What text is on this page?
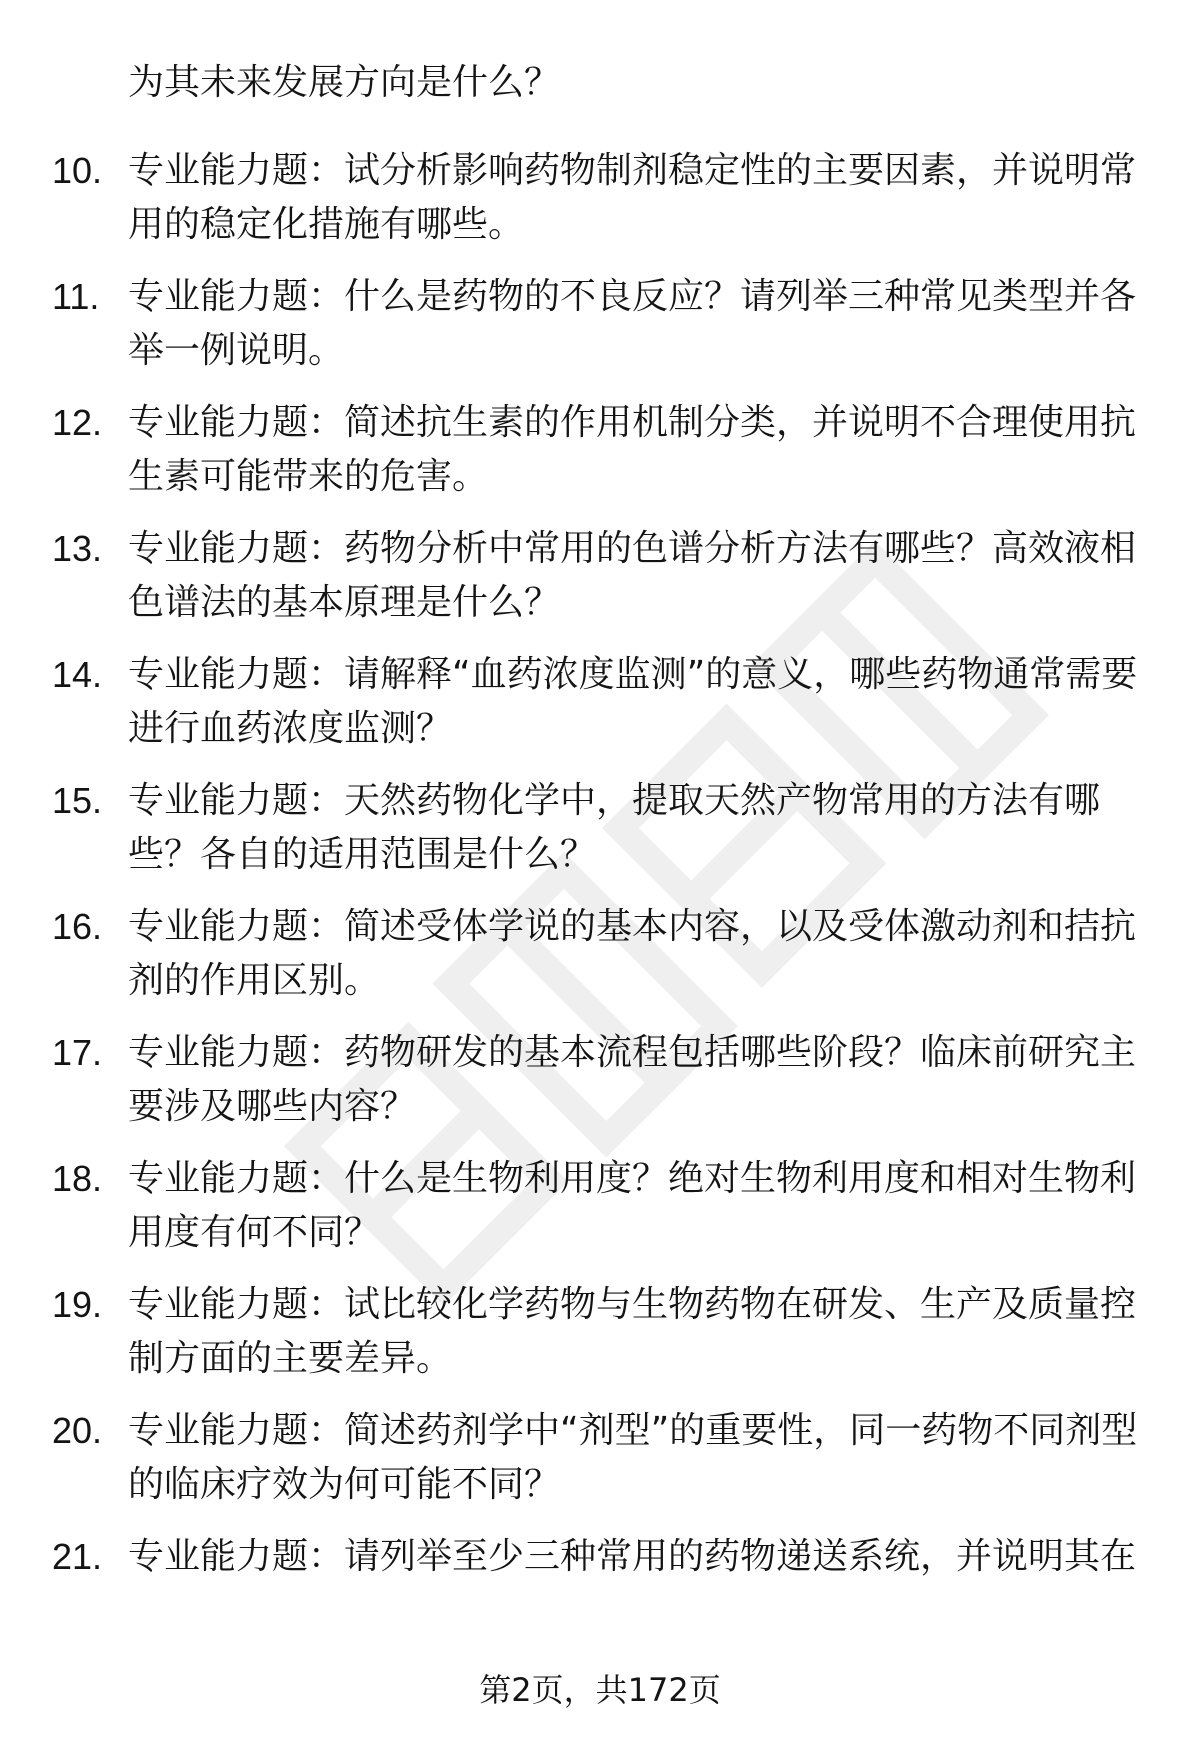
为其未来发展方向是什么？
10. 专业能力题：试分析影响药物制剂稳定性的主要因素，并说明常用的稳定化措施有哪些。
11. 专业能力题：什么是药物的不良反应？请列举三种常见类型并各举一例说明。
12. 专业能力题：简述抗生素的作用机制分类，并说明不合理使用抗生素可能带来的危害。
13. 专业能力题：药物分析中常用的色谱分析方法有哪些？高效液相色谱法的基本原理是什么？
14. 专业能力题：请解释“血药浓度监测”的意义，哪些药物通常需要进行血药浓度监测？
15. 专业能力题：天然药物化学中，提取天然产物常用的方法有哪些？各自的适用范围是什么？
16. 专业能力题：简述受体学说的基本内容，以及受体激动剂和拮抗剂的作用区别。
17. 专业能力题：药物研发的基本流程包括哪些阶段？临床前研究主要涉及哪些内容？
18. 专业能力题：什么是生物利用度？绝对生物利用度和相对生物利用度有何不同？
19. 专业能力题：试比较化学药物与生物药物在研发、生产及质量控制方面的主要差异。
20. 专业能力题：简述药剂学中“剂型”的重要性，同一药物不同剂型的临床疗效为何可能不同？
21. 专业能力题：请列举至少三种常用的药物递送系统，并说明其在
第2页，共172页
